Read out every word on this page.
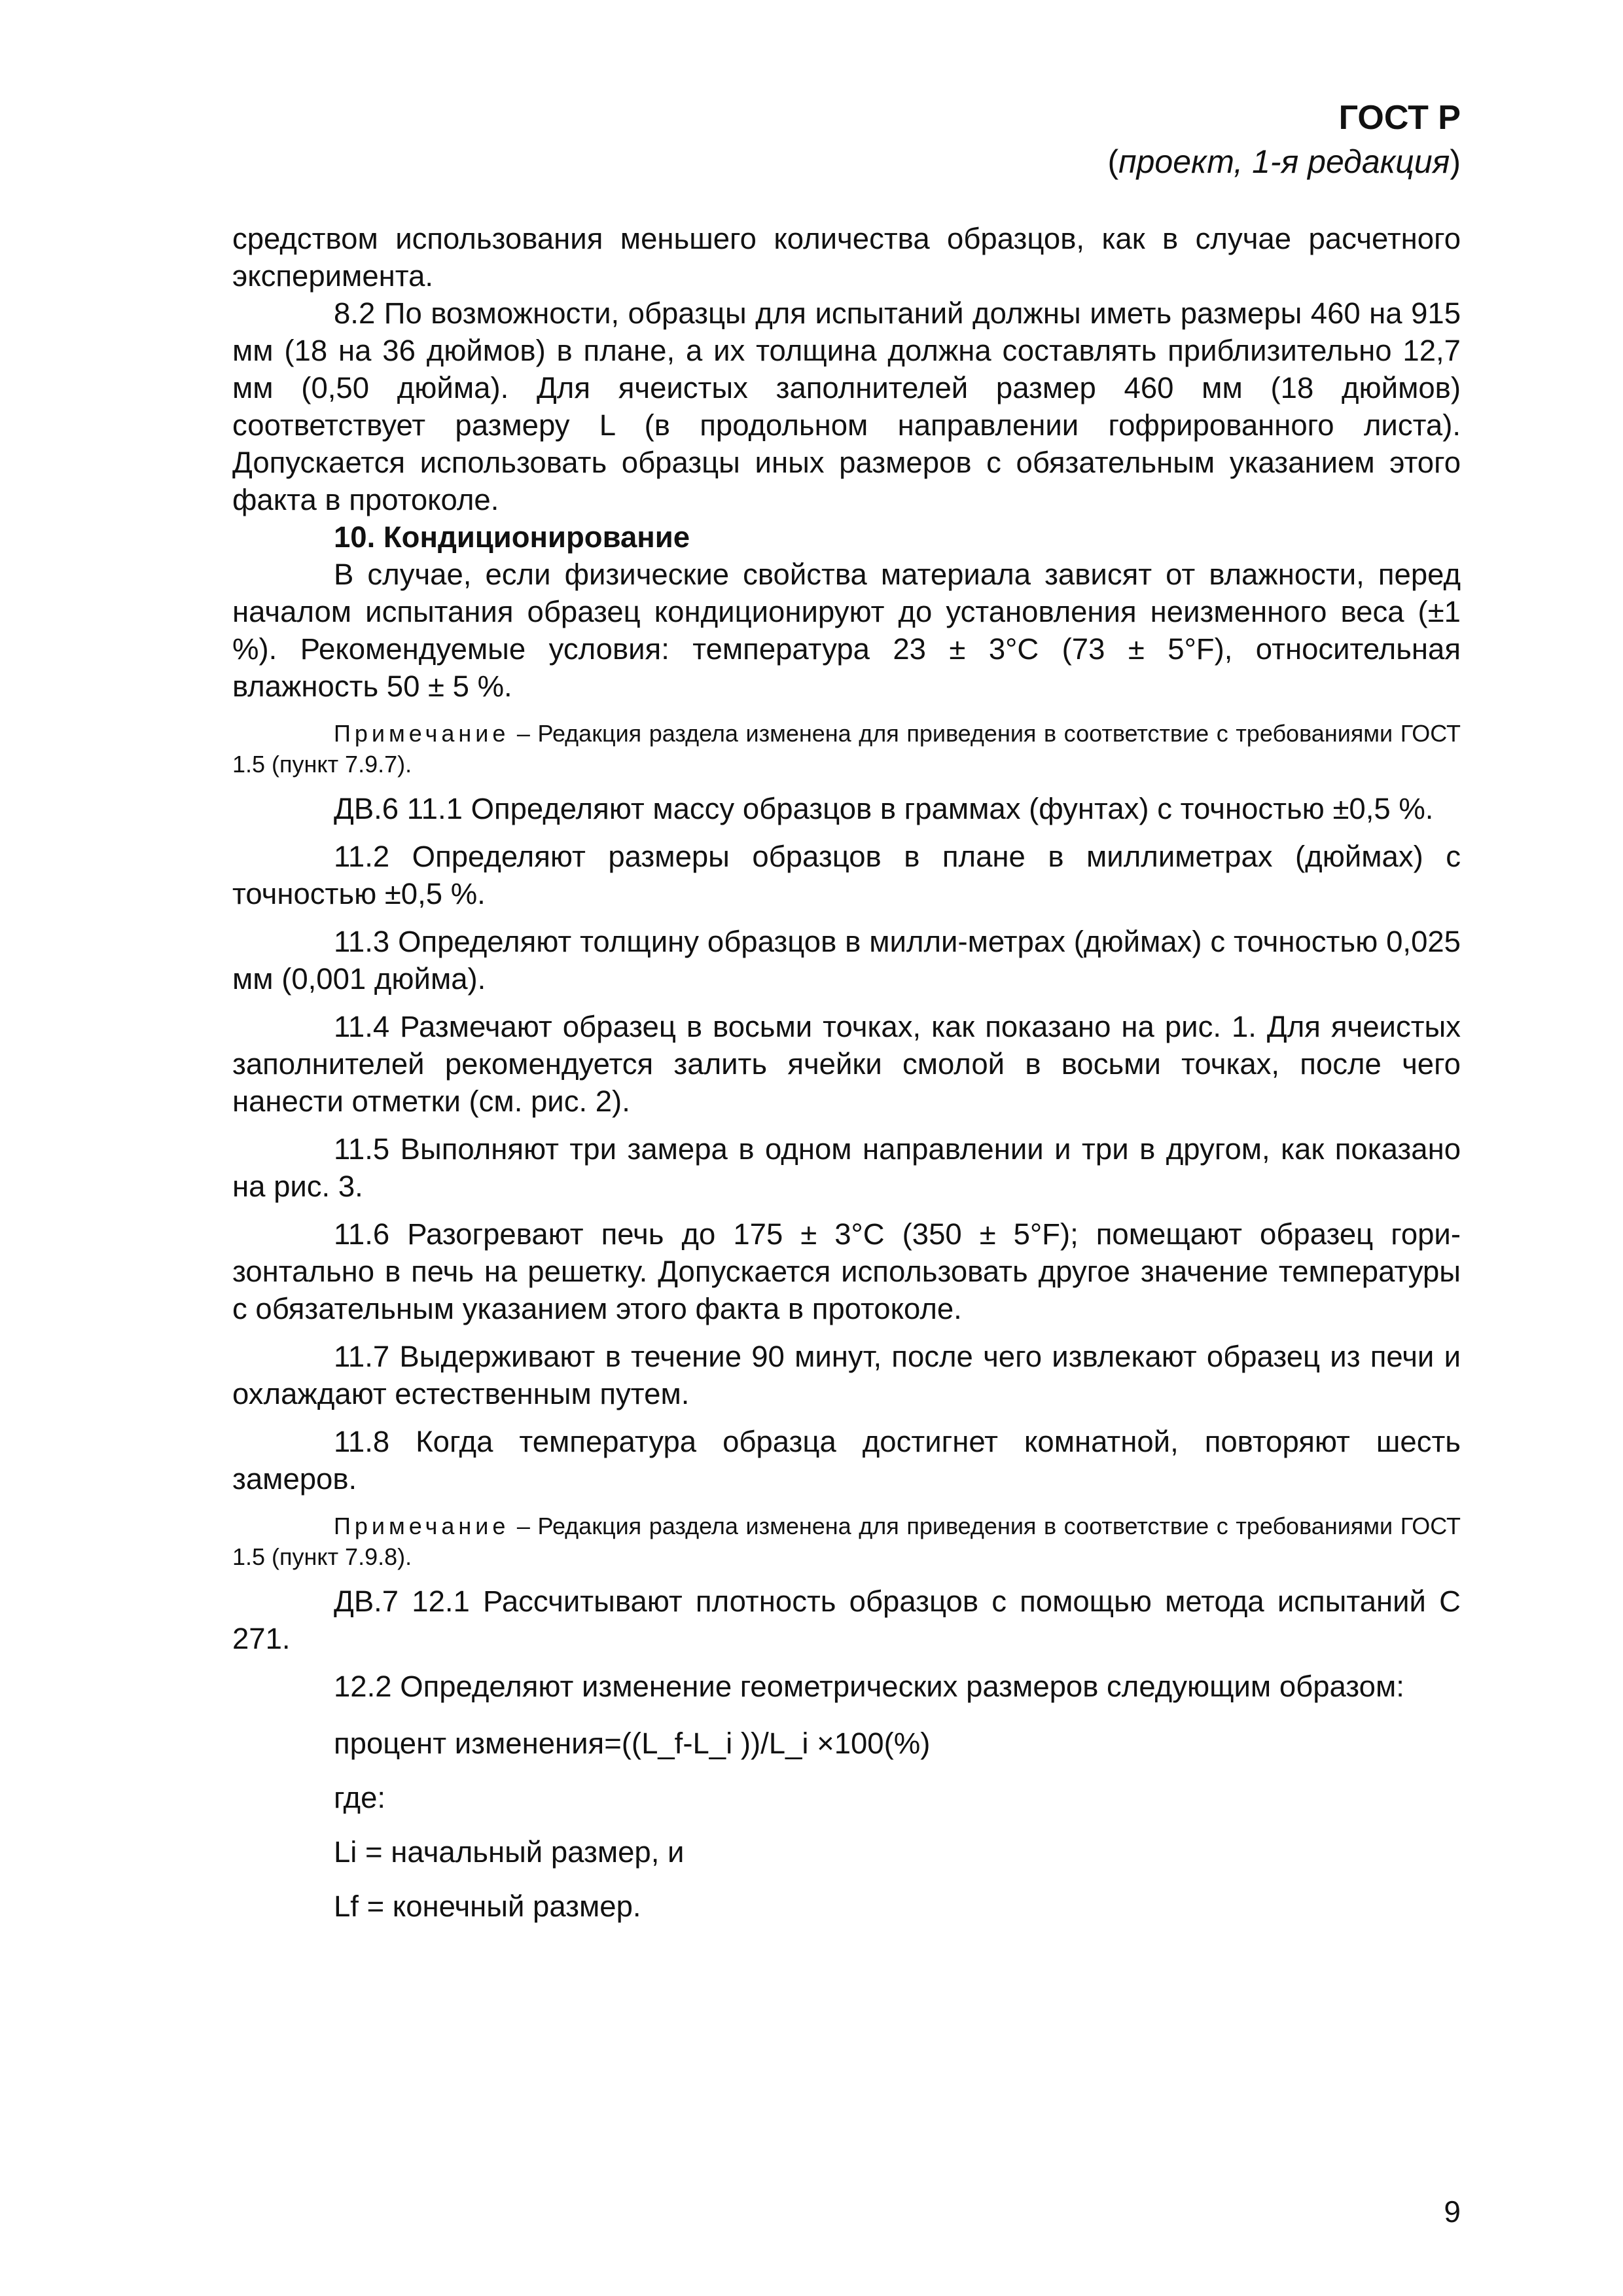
ГОСТ Р
(проект, 1-я редакция)

средством использования меньшего количества образцов, как в случае расчетного эксперимента.

8.2 По возможности, образцы для испытаний должны иметь размеры 460 на 915 мм (18 на 36 дюймов) в плане, а их толщина должна составлять приблизительно 12,7 мм (0,50 дюйма). Для ячеистых заполнителей размер 460 мм (18 дюймов) соответствует размеру L (в продольном направлении гофрированного листа). Допускается использовать образцы иных размеров с обязательным указанием этого факта в протоколе.

10. Кондиционирование

В случае, если физические свойства материала зависят от влажности, перед началом испытания образец кондиционируют до установления неизменного веса (±1 %). Рекомендуемые условия: температура 23 ± 3°С (73 ± 5°F), относительная влажность 50 ± 5 %.

Примечание – Редакция раздела изменена для приведения в соответствие с требованиями ГОСТ 1.5 (пункт 7.9.7).

ДВ.6 11.1 Определяют массу образцов в граммах (фунтах) с точностью ±0,5 %.

11.2 Определяют размеры образцов в плане в миллиметрах (дюймах) с точностью ±0,5 %.

11.3 Определяют толщину образцов в милли-метрах (дюймах) с точностью 0,025 мм (0,001 дюйма).

11.4 Размечают образец в восьми точках, как показано на рис. 1. Для ячеистых заполнителей рекомендуется залить ячейки смолой в восьми точках, после чего нанести отметки (см. рис. 2).

11.5 Выполняют три замера в одном направлении и три в другом, как показано на рис. 3.

11.6 Разогревают печь до 175 ± 3°С (350 ± 5°F); помещают образец горизонтально в печь на решетку. Допускается использовать другое значение температуры с обязательным указанием этого факта в протоколе.

11.7 Выдерживают в течение 90 минут, после чего извлекают образец из печи и охлаждают естественным путем.

11.8 Когда температура образца достигнет комнатной, повторяют шесть замеров.

Примечание – Редакция раздела изменена для приведения в соответствие с требованиями ГОСТ 1.5 (пункт 7.9.8).

ДВ.7 12.1 Рассчитывают плотность образцов с помощью метода испытаний С 271.

12.2 Определяют изменение геометрических размеров следующим образом:

процент изменения=((L_f-L_i ))/L_i ×100(%)
где:
Li = начальный размер, и
Lf = конечный размер.
9
